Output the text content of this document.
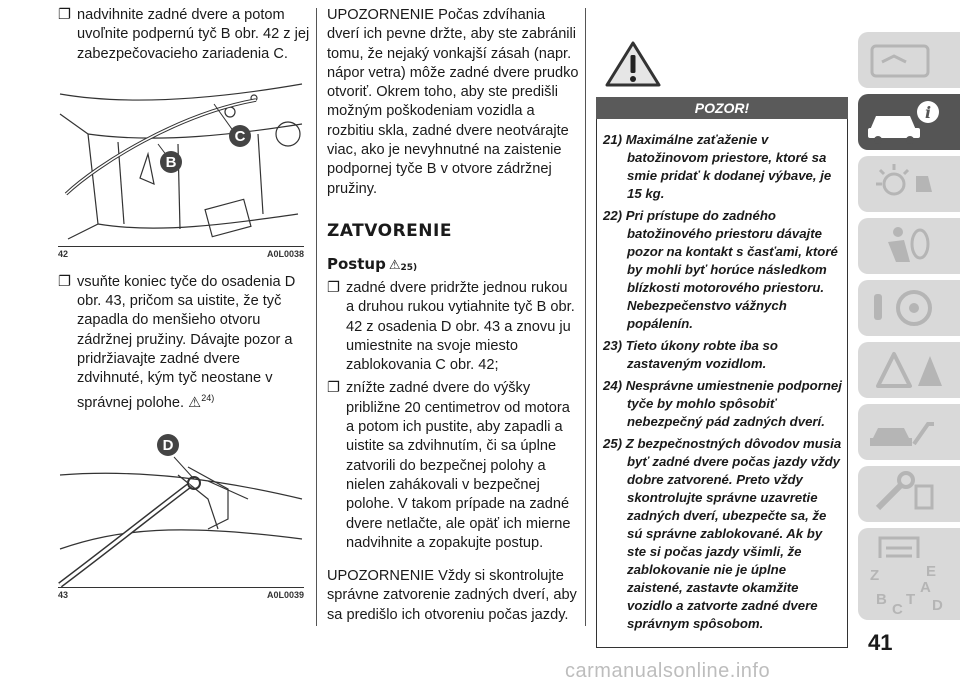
❐ nadvihnite zadné dvere a potom uvoľnite podpernú tyč B obr. 42 z jej zabezpečovacieho zariadenia C.

B
C
42	A0L0038

❐ vsuňte koniec tyče do osadenia D obr. 43, pričom sa uistite, že tyč zapadla do menšieho otvoru zádržnej pružiny. Dávajte pozor a pridržiavajte zadné dvere zdvihnuté, kým tyč neostane v správnej polohe. ⚠$^{24)}$

D
43	A0L0039

UPOZORNENIE Počas zdvíhania dverí ich pevne držte, aby ste zabránili tomu, že nejaký vonkajší zásah (napr. nápor vetra) môže zadné dvere prudko otvoriť. Okrem toho, aby ste predišli možným poškodeniam vozidla a rozbitiu skla, zadné dvere neotvárajte viac, ako je nevyhnutné na zaistenie podpornej tyče B v otvore zádržnej pružiny.

ZATVORENIE

Postup ⚠ 25)

❐ zadné dvere pridržte jednou rukou a druhou rukou vytiahnite tyč B obr. 42 z osadenia D obr. 43 a znovu ju umiestnite na svoje miesto zablokovania C obr. 42;

❐ znížte zadné dvere do výšky približne 20 centimetrov od motora a potom ich pustite, aby zapadli a uistite sa zdvihnutím, či sa úplne zatvorili do bezpečnej polohy a nielen zahákovali v bezpečnej polohe. V takom prípade na zadné dvere netlačte, ale opäť ich mierne nadvihnite a zopakujte postup.

UPOZORNENIE Vždy si skontrolujte správne zatvorenie zadných dverí, aby sa predišlo ich otvoreniu počas jazdy.

POZOR!

21) Maximálne zaťaženie v batožinovom priestore, ktoré sa smie pridať k dodanej výbave, je 15 kg.

22) Pri prístupe do zadného batožinového priestoru dávajte pozor na kontakt s časťami, ktoré by mohli byť horúce následkom blízkosti motorového priestoru. Nebezpečenstvo vážnych popálenín.

23) Tieto úkony robte iba so zastaveným vozidlom.

24) Nesprávne umiestnenie podpornej tyče by mohlo spôsobiť nebezpečný pád zadných dverí.

25) Z bezpečnostných dôvodov musia byť zadné dvere počas jazdy vždy dobre zatvorené. Preto vždy skontrolujte správne uzavretie zadných dverí, ubezpečte sa, že sú správne zablokované. Ak by ste si počas jazdy všimli, že zablokovanie nie je úplne zaistené, zastavte okamžite vozidlo a zatvorte zadné dvere správnym spôsobom.

i
Z	E
B
C
T
A
D
41
carmanualsonline.info
